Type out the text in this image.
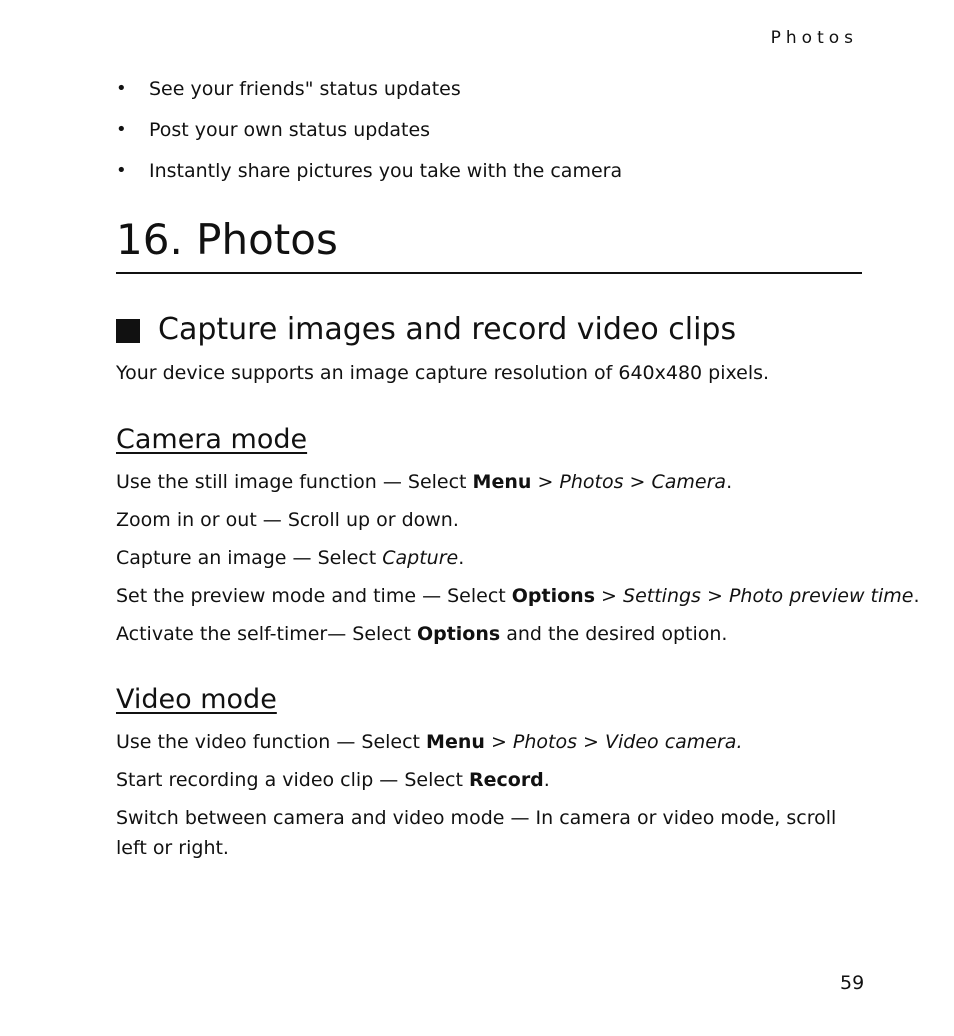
Photos
•	See your friends" status updates
•	Post your own status updates
•	Instantly share pictures you take with the camera
16. Photos
Capture images and record video clips

Your device supports an image capture resolution of 640x480 pixels.

Camera mode

Use the still image function — Select Menu > Photos > Camera.

Zoom in or out — Scroll up or down.

Capture an image — Select Capture.

Set the preview mode and time — Select Options > Settings > Photo preview time.

Activate the self-timer— Select Options and the desired option.

Video mode

Use the video function — Select Menu > Photos > Video camera.

Start recording a video clip — Select Record.

Switch between camera and video mode — In camera or video mode, scroll

left or right.

59
